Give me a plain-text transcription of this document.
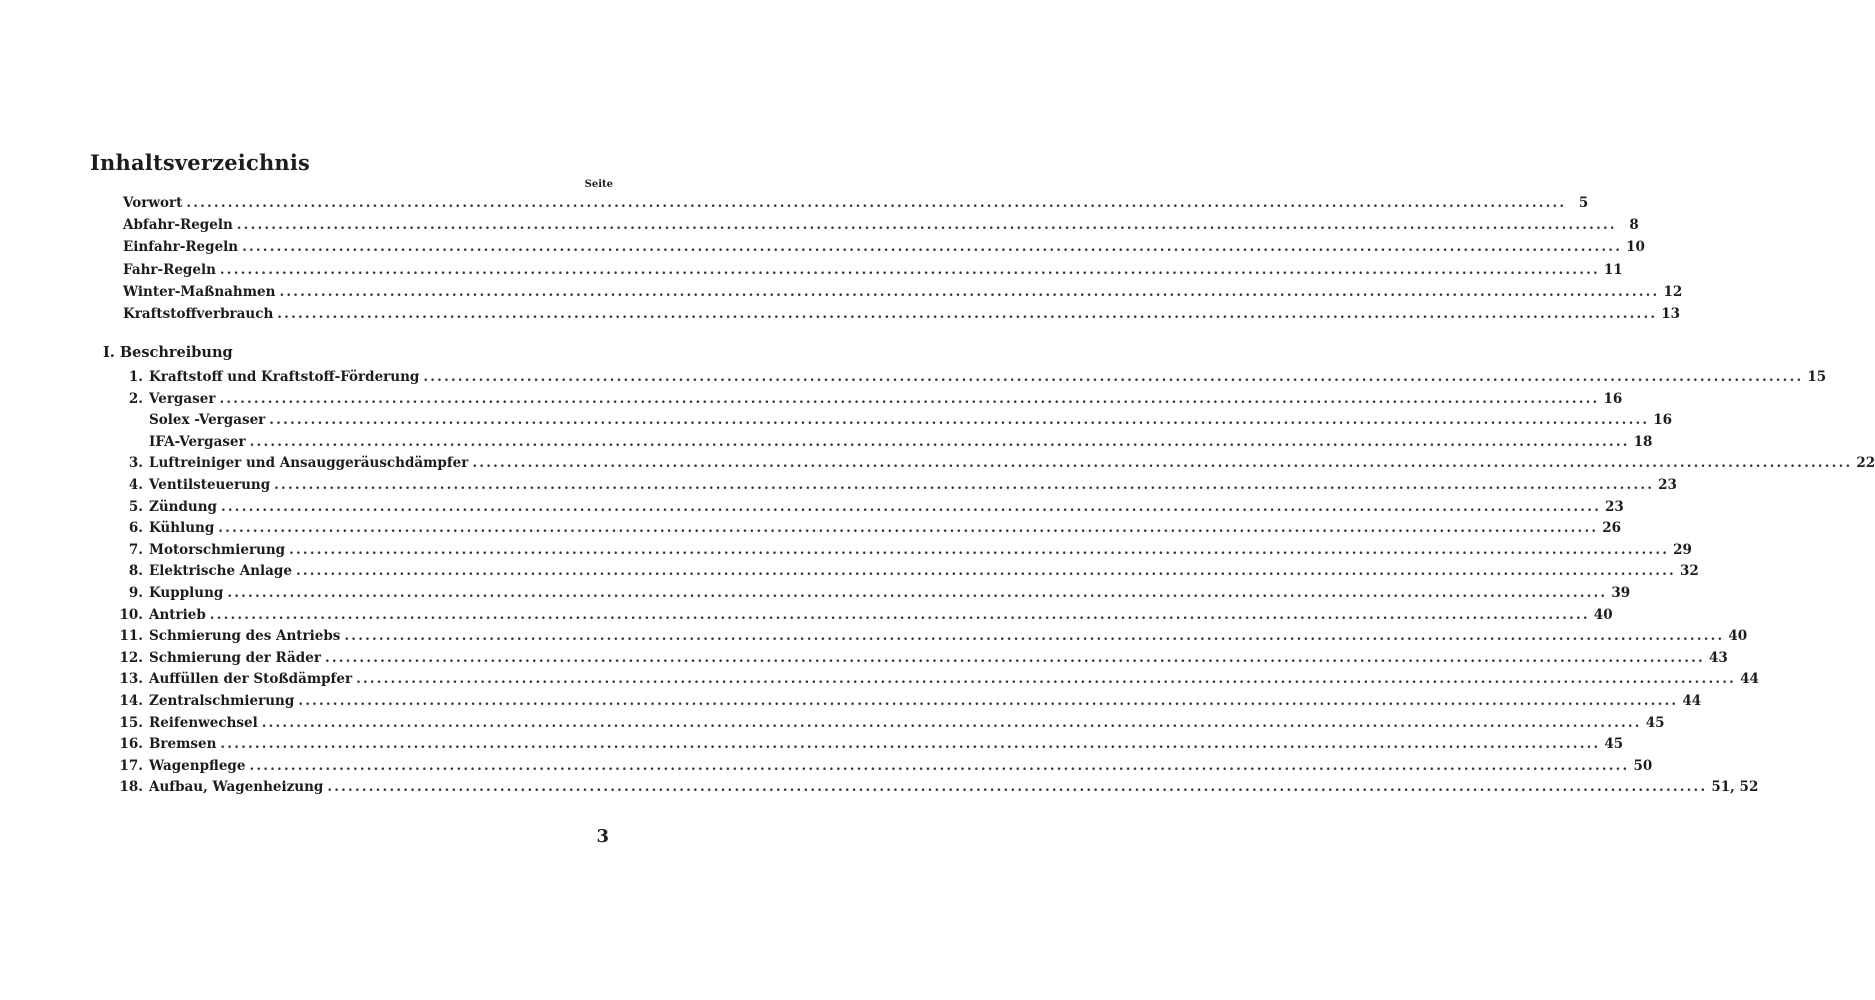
Inhaltsverzeichnis
Seite
Vorwort ........................................................................................................................................................................................................ 5
Abfahr-Regeln ........................................................................................................................................................................................................ 8
Einfahr-Regeln ........................................................................................................................................................................................................ 10
Fahr-Regeln ........................................................................................................................................................................................................ 11
Winter-Maßnahmen ........................................................................................................................................................................................................ 12
Kraftstoffverbrauch ........................................................................................................................................................................................................ 13
I. Beschreibung
1. Kraftstoff und Kraftstoff-Förderung ........................................................................................................................................................................................................ 15
2. Vergaser ........................................................................................................................................................................................................ 16
Solex -Vergaser ........................................................................................................................................................................................................ 16
IFA-Vergaser ........................................................................................................................................................................................................ 18
3. Luftreiniger und Ansauggeräuschdämpfer ........................................................................................................................................................................................................ 22
4. Ventilsteuerung ........................................................................................................................................................................................................ 23
5. Zündung ........................................................................................................................................................................................................ 23
6. Kühlung ........................................................................................................................................................................................................ 26
7. Motorschmierung ........................................................................................................................................................................................................ 29
8. Elektrische Anlage ........................................................................................................................................................................................................ 32
9. Kupplung ........................................................................................................................................................................................................ 39
10. Antrieb ........................................................................................................................................................................................................ 40
11. Schmierung des Antriebs ........................................................................................................................................................................................................ 40
12. Schmierung der Räder ........................................................................................................................................................................................................ 43
13. Auffüllen der Stoßdämpfer ........................................................................................................................................................................................................ 44
14. Zentralschmierung ........................................................................................................................................................................................................ 44
15. Reifenwechsel ........................................................................................................................................................................................................ 45
16. Bremsen ........................................................................................................................................................................................................ 45
17. Wagenpflege ........................................................................................................................................................................................................ 50
18. Aufbau, Wagenheizung ........................................................................................................................................................................................................ 51, 52
3
